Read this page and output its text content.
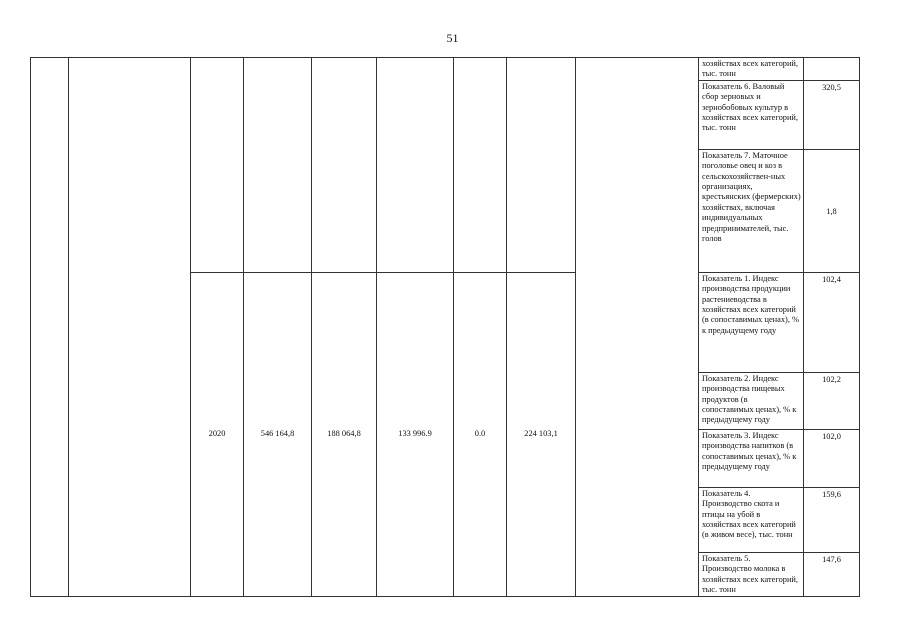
51
									хозяйствах всех категорий, тыс. тонн	
									Показатель 6. Валовый сбор зерновых и зернобобовых культур в хозяйствах всех категорий, тыс. тонн	320,5
									Показатель 7. Маточное поголовье овец и коз в сельскохозяйствен-ных организациях, крестьянских (фермерских) хозяйствах, включая индивидуальных предпринимателей, тыс. голов	1,8
		2020	546 164,8	188 064,8	133 996.9	0.0	224 103,1		Показатель 1. Индекс производства продукции растениеводства в хозяйствах всех категорий (в сопоставимых ценах), % к предыдущему году	102,4
									Показатель 2. Индекс производства пищевых продуктов (в сопоставимых ценах), % к предыдущему году	102,2
									Показатель 3. Индекс производства напитков (в сопоставимых ценах), % к предыдущему году	102,0
									Показатель 4. Производство скота и птицы на убой в хозяйствах всех категорий (в живом весе), тыс. тонн	159,6
									Показатель 5. Производство молока в хозяйствах всех категорий, тыс. тонн	147,6
